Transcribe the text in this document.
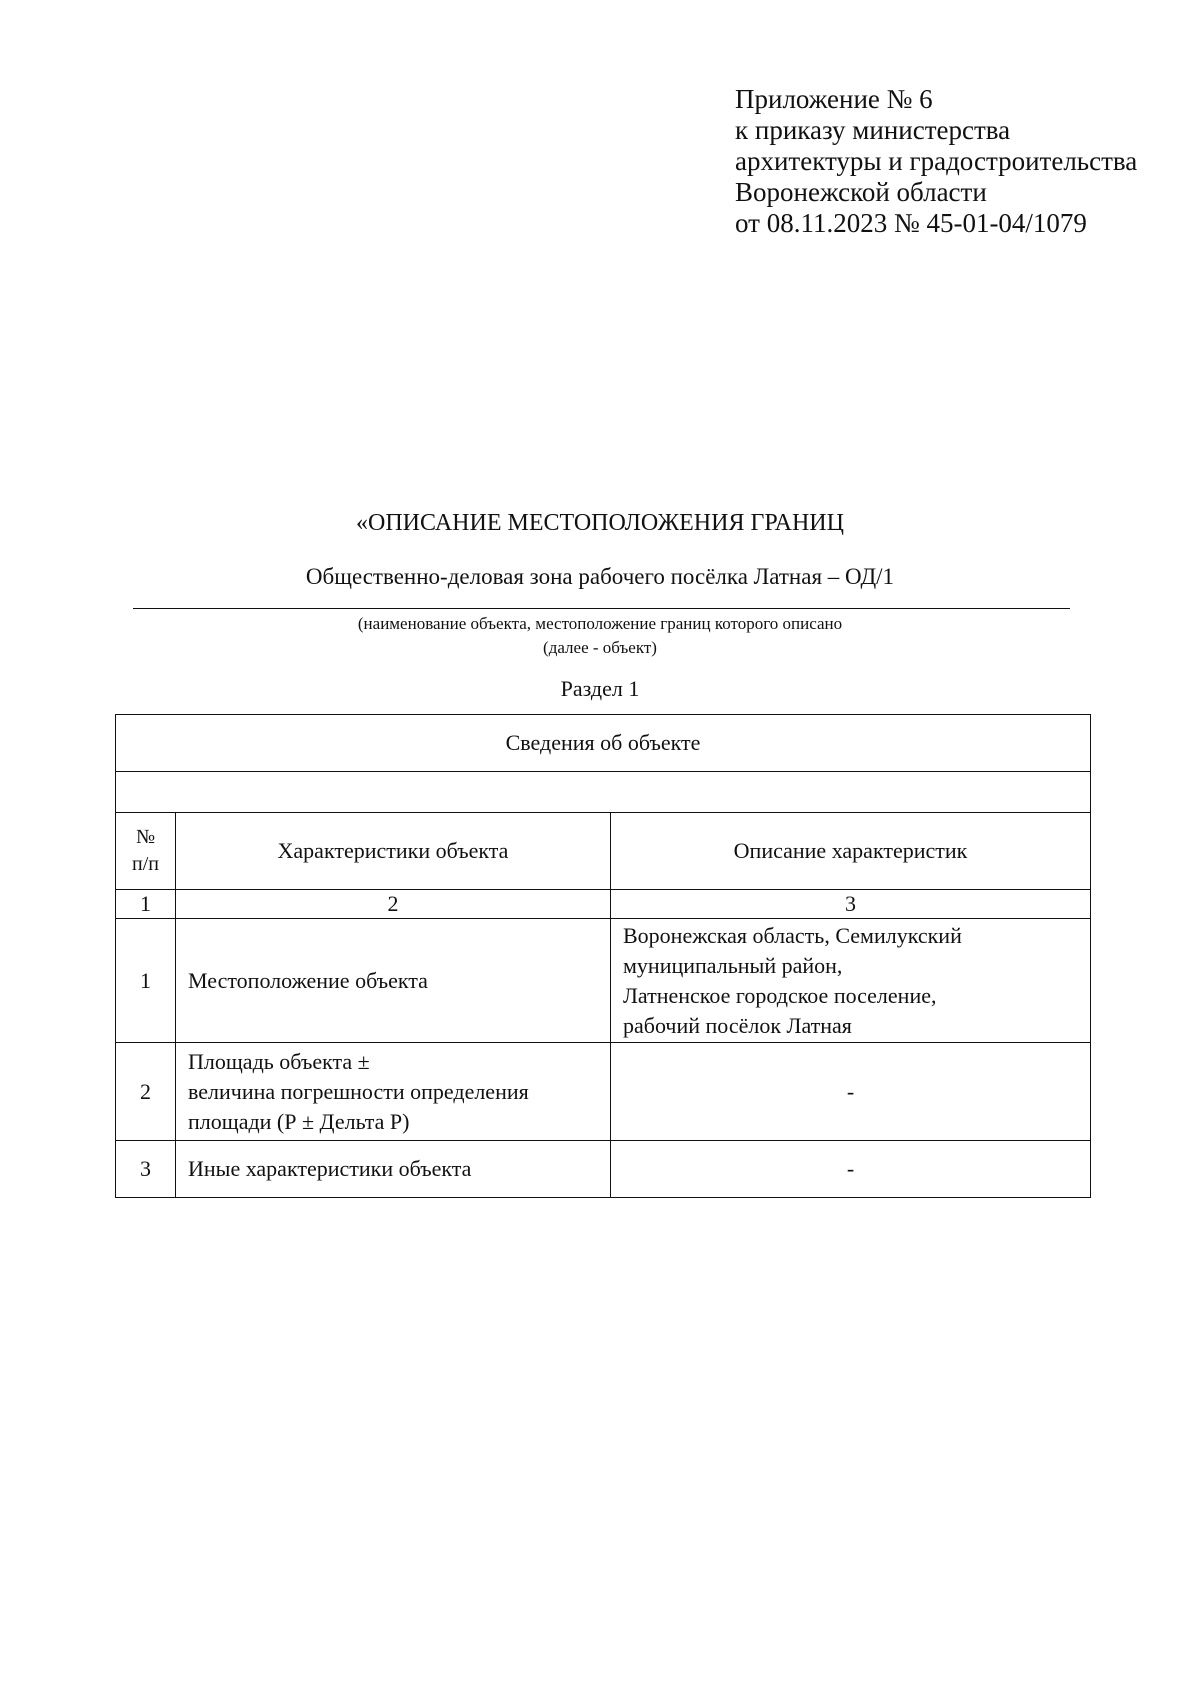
Приложение № 6
к приказу министерства
архитектуры и градостроительства
Воронежской области
от 08.11.2023 № 45-01-04/1079
«ОПИСАНИЕ МЕСТОПОЛОЖЕНИЯ ГРАНИЦ
Общественно-деловая зона рабочего посёлка Латная – ОД/1
(наименование объекта, местоположение границ которого описано
(далее - объект)
Раздел 1
Сведения об объекте		

№
п/п	Характеристики объекта	Описание характеристик
1	2	3
1	Местоположение объекта	Воронежская область, Семилукский
муниципальный район,
Латненское городское поселение,
рабочий посёлок Латная
2	Площадь объекта ±
величина погрешности определения
площади (Р ± Дельта Р)	-
3	Иные характеристики объекта	-
